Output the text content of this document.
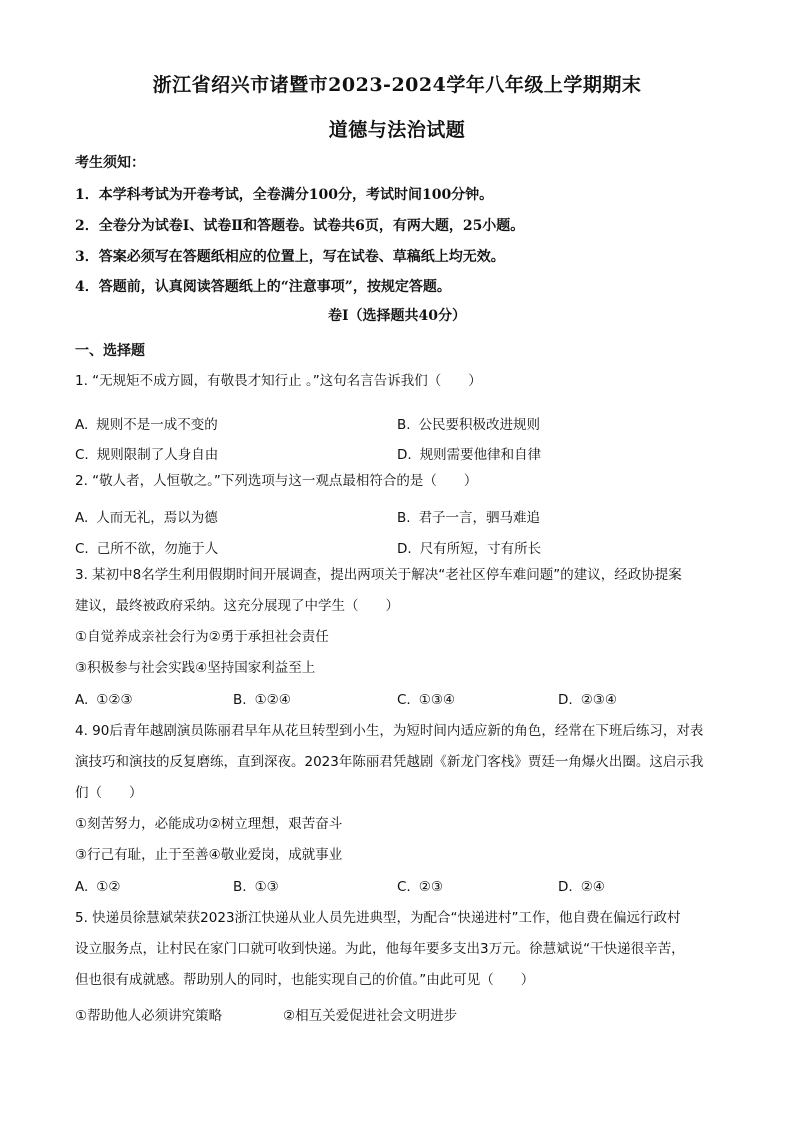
浙江省绍兴市诸暨市2023-2024学年八年级上学期期末
道德与法治试题
考生须知：
1．本学科考试为开卷考试，全卷满分100分，考试时间100分钟。
2．全卷分为试卷Ⅰ、试卷Ⅱ和答题卷。试卷共6页，有两大题，25小题。
3．答案必须写在答题纸相应的位置上，写在试卷、草稿纸上均无效。
4．答题前，认真阅读答题纸上的“注意事项”，按规定答题。
卷Ⅰ（选择题共40分）
一、选择题
1. “无规矩不成方圆，有敬畏才知行止 。”这句名言告诉我们（　　）
A. 规则不是一成不变的	B. 公民要积极改进规则
C. 规则限制了人身自由	D. 规则需要他律和自律
2. “敬人者，人恒敬之。”下列选项与这一观点最相符合的是（　　）
A. 人而无礼，焉以为德	B. 君子一言，驷马难追
C. 己所不欲，勿施于人	D. 尺有所短，寸有所长
3. 某初中8名学生利用假期时间开展调查，提出两项关于解决“老社区停车难问题”的建议，经政协提案
建议，最终被政府采纳。这充分展现了中学生（　　）
①自觉养成亲社会行为②勇于承担社会责任
③积极参与社会实践④坚持国家利益至上
A. ①②③	B. ①②④	C. ①③④	D. ②③④
4. 90后青年越剧演员陈丽君早年从花旦转型到小生，为短时间内适应新的角色，经常在下班后练习，对表
演技巧和演技的反复磨练，直到深夜。2023年陈丽君凭越剧《新龙门客栈》贾廷一角爆火出圈。这启示我
们（　　）
①刻苦努力，必能成功②树立理想，艰苦奋斗
③行己有耻，止于至善④敬业爱岗，成就事业
A. ①②	B. ①③	C. ②③	D. ②④
5. 快递员徐慧斌荣获2023浙江快递从业人员先进典型，为配合“快递进村”工作，他自费在偏远行政村
设立服务点，让村民在家门口就可收到快递。为此，他每年要多支出3万元。徐慧斌说“干快递很辛苦，
但也很有成就感。帮助别人的同时，也能实现自己的价值。”由此可见（　　）
①帮助他人必须讲究策略	②相互关爱促进社会文明进步
